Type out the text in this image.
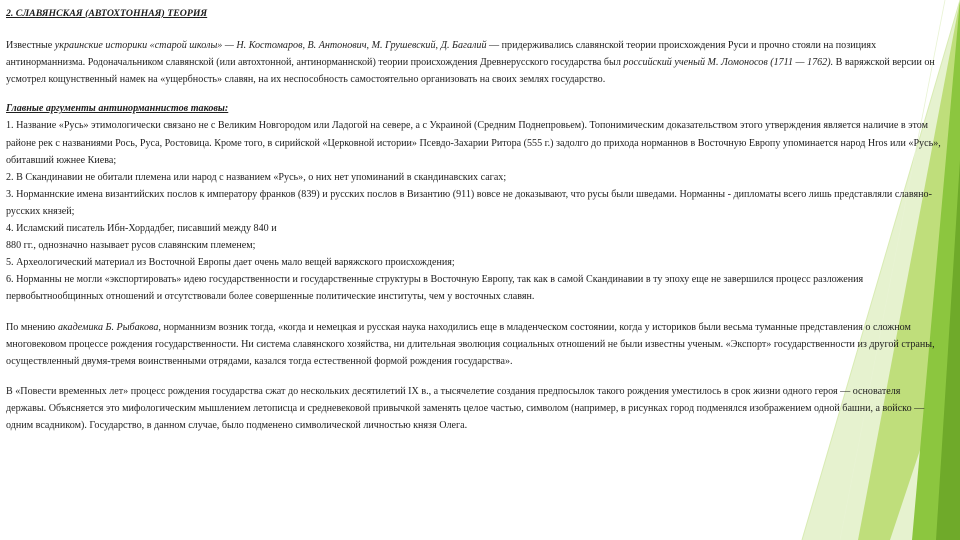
2. СЛАВЯНСКАЯ (АВТОХТОННАЯ) ТЕОРИЯ

Известные украинские историки «старой школы» — Н. Костомаров, В. Антонович, М. Грушевский, Д. Багалий — придерживались славянской теории происхождения Руси и прочно стояли на позициях антинорманнизма. Родоначальником славянской (или автохтонной, антинорманнской) теории происхождения Древнерусского государства был российский ученый М. Ломоносов (1711 — 1762). В варяжской версии он усмотрел кощунственный намек на «ущербность» славян, на их неспособность самостоятельно организовать на своих землях государство.

Главные аргументы антинорманнистов таковы:

1. Название «Русь» этимологически связано не с Великим Новгородом или Ладогой на севере, а с Украиной (Средним Поднепровьем). Топонимическим доказательством этого утверждения является наличие в этом районе рек с названиями Рось, Руса, Ростовица. Кроме того, в сирийской «Церковной истории» Псевдо-Захарии Ритора (555 г.) задолго до прихода норманнов в Восточную Европу упоминается народ Hros или «Русь», обитавший южнее Киева;

2. В Скандинавии не обитали племена или народ с названием «Русь», о них нет упоминаний в скандинавских сагах;

3. Норманнские имена византийских послов к императору франков (839) и русских послов в Византию (911) вовсе не доказывают, что русы были шведами. Норманны - дипломаты всего лишь представляли славяно-русских князей;

4. Исламский писатель Ибн-Хордадбег, писавший между 840 и

880 гг., однозначно называет русов славянским племенем;

5. Археологический материал из Восточной Европы дает очень мало вещей варяжского происхождения;

6. Норманны не могли «экспортировать» идею государственности и государственные структуры в Восточную Европу, так как в самой Скандинавии в ту эпоху еще не завершился процесс разложения первобытнообщинных отношений и отсутствовали более совершенные политические институты, чем у восточных славян.

По мнению академика Б. Рыбакова, норманнизм возник тогда, «когда и немецкая и русская наука находились еще в младенческом состоянии, когда у историков были весьма туманные представления о сложном многовековом процессе рождения государственности. Ни система славянского хозяйства, ни длительная эволюция социальных отношений не были известны ученым. «Экспорт» государственности из другой страны, осуществленный двумя-тремя воинственными отрядами, казался тогда естественной формой рождения государства».

В «Повести временных лет» процесс рождения государства сжат до нескольких десятилетий IX в., а тысячелетие создания предпосылок такого рождения уместилось в срок жизни одного героя — основателя державы. Объясняется это мифологическим мышлением летописца и средневековой привычкой заменять целое частью, символом (например, в рисунках город подменялся изображением одной башни, а войско — одним всадником). Государство, в данном случае, было подменено символической личностью князя Олега.
